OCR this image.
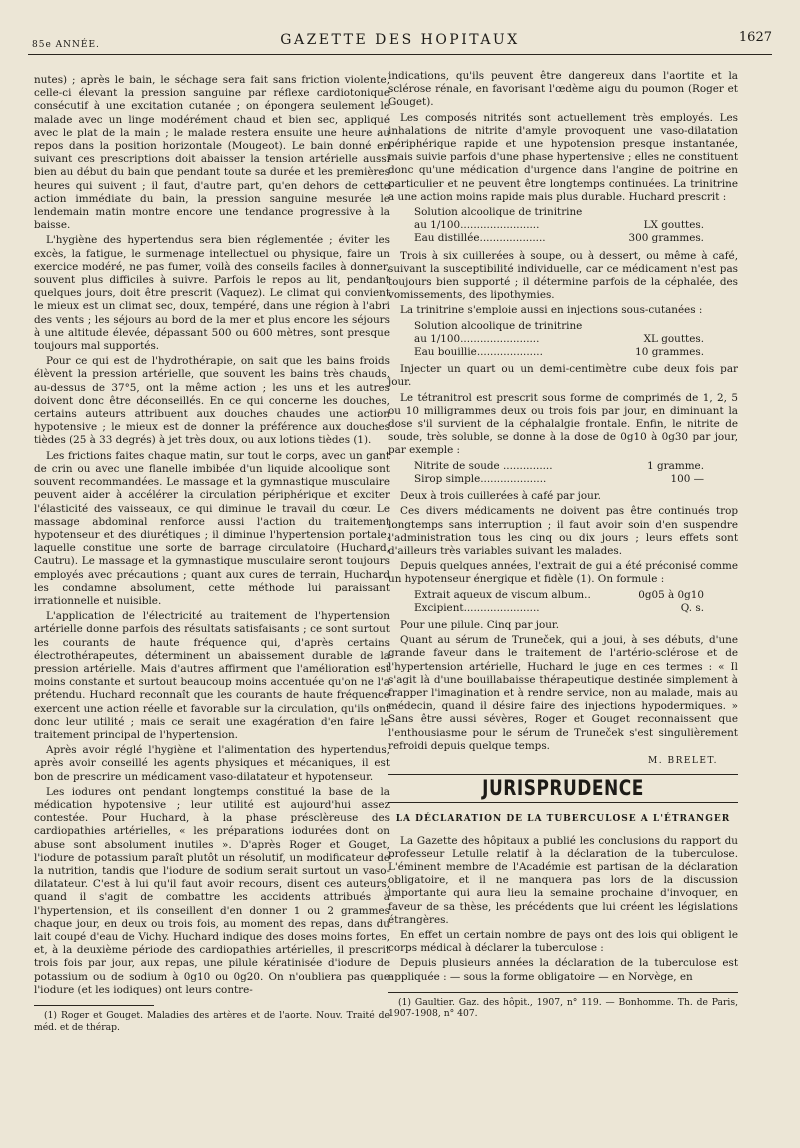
85e ANNÉE.	GAZETTE DES HOPITAUX	1627

nutes) ; après le bain, le séchage sera fait sans friction violente, celle-ci élevant la pression sanguine par réflexe cardiotonique consécutif à une excitation cutanée ; on épongera seulement le malade avec un linge modérément chaud et bien sec, appliqué avec le plat de la main ; le malade restera ensuite une heure au repos dans la position horizontale (Mougeot). Le bain donné en suivant ces prescriptions doit abaisser la tension artérielle aussi bien au début du bain que pendant toute sa durée et les premières heures qui suivent ; il faut, d'autre part, qu'en dehors de cette action immédiate du bain, la pression sanguine mesurée le lendemain matin montre encore une tendance progressive à la baisse.

L'hygiène des hypertendus sera bien réglementée ; éviter les excès, la fatigue, le surmenage intellectuel ou physique, faire un exercice modéré, ne pas fumer, voilà des conseils faciles à donner, souvent plus difficiles à suivre. Parfois le repos au lit, pendant quelques jours, doit être prescrit (Vaquez). Le climat qui convient le mieux est un climat sec, doux, tempéré, dans une région à l'abri des vents ; les séjours au bord de la mer et plus encore les séjours à une altitude élevée, dépassant 500 ou 600 mètres, sont presque toujours mal supportés.

Pour ce qui est de l'hydrothérapie, on sait que les bains froids élèvent la pression artérielle, que souvent les bains très chauds, au-dessus de 37°5, ont la même action ; les uns et les autres doivent donc être déconseillés. En ce qui concerne les douches, certains auteurs attribuent aux douches chaudes une action hypotensive ; le mieux est de donner la préférence aux douches tièdes (25 à 33 degrés) à jet très doux, ou aux lotions tièdes (1).

Les frictions faites chaque matin, sur tout le corps, avec un gant de crin ou avec une flanelle imbibée d'un liquide alcoolique sont souvent recommandées. Le massage et la gymnastique musculaire peuvent aider à accélérer la circulation périphérique et exciter l'élasticité des vaisseaux, ce qui diminue le travail du cœur. Le massage abdominal renforce aussi l'action du traitement hypotenseur et des diurétiques ; il diminue l'hypertension portale, laquelle constitue une sorte de barrage circulatoire (Huchard, Cautru). Le massage et la gymnastique musculaire seront toujours employés avec précautions ; quant aux cures de terrain, Huchard les condamne absolument, cette méthode lui paraissant irrationnelle et nuisible.

L'application de l'électricité au traitement de l'hypertension artérielle donne parfois des résultats satisfaisants ; ce sont surtout les courants de haute fréquence qui, d'après certains électrothérapeutes, déterminent un abaissement durable de la pression artérielle. Mais d'autres affirment que l'amélioration est moins constante et surtout beaucoup moins accentuée qu'on ne l'a prétendu. Huchard reconnaît que les courants de haute fréquence exercent une action réelle et favorable sur la circulation, qu'ils ont donc leur utilité ; mais ce serait une exagération d'en faire le traitement principal de l'hypertension.

Après avoir réglé l'hygiène et l'alimentation des hypertendus, après avoir conseillé les agents physiques et mécaniques, il est bon de prescrire un médicament vaso-dilatateur et hypotenseur.

Les iodures ont pendant longtemps constitué la base de la médication hypotensive ; leur utilité est aujourd'hui assez contestée. Pour Huchard, à la phase présclèreuse des cardiopathies artérielles, « les préparations iodurées dont on abuse sont absolument inutiles ». D'après Roger et Gouget, l'iodure de potassium paraît plutôt un résolutif, un modificateur de la nutrition, tandis que l'iodure de sodium serait surtout un vaso-dilatateur. C'est à lui qu'il faut avoir recours, disent ces auteurs, quand il s'agit de combattre les accidents attribués à l'hypertension, et ils conseillent d'en donner 1 ou 2 grammes chaque jour, en deux ou trois fois, au moment des repas, dans du lait coupé d'eau de Vichy. Huchard indique des doses moins fortes, et, à la deuxième période des cardiopathies artérielles, il prescrit trois fois par jour, aux repas, une pilule kératinisée d'iodure de potassium ou de sodium à 0g10 ou 0g20. On n'oubliera pas que l'iodure (et les iodiques) ont leurs contre-

(1) Roger et Gouget. Maladies des artères et de l'aorte. Nouv. Traité de méd. et de thérap.

indications, qu'ils peuvent être dangereux dans l'aortite et la sclérose rénale, en favorisant l'œdème aigu du poumon (Roger et Gouget).

Les composés nitrités sont actuellement très employés. Les inhalations de nitrite d'amyle provoquent une vaso-dilatation périphérique rapide et une hypotension presque instantanée, mais suivie parfois d'une phase hypertensive ; elles ne constituent donc qu'une médication d'urgence dans l'angine de poitrine en particulier et ne peuvent être longtemps continuées. La trinitrine a une action moins rapide mais plus durable. Huchard prescrit :

Solution alcoolique de trinitrine
au 1/100........................	LX gouttes.
Eau distillée....................	300 grammes.

Trois à six cuillerées à soupe, ou à dessert, ou même à café, suivant la susceptibilité individuelle, car ce médicament n'est pas toujours bien supporté ; il détermine parfois de la céphalée, des vomissements, des lipothymies.

La trinitrine s'emploie aussi en injections sous-cutanées :

Solution alcoolique de trinitrine
au 1/100........................	XL gouttes.
Eau bouillie....................	10 grammes.

Injecter un quart ou un demi-centimètre cube deux fois par jour.

Le tétranitrol est prescrit sous forme de comprimés de 1, 2, 5 ou 10 milligrammes deux ou trois fois par jour, en diminuant la dose s'il survient de la céphalalgie frontale. Enfin, le nitrite de soude, très soluble, se donne à la dose de 0g10 à 0g30 par jour, par exemple :

Nitrite de soude ...............	1 gramme.
Sirop simple....................	100 —

Deux à trois cuillerées à café par jour.

Ces divers médicaments ne doivent pas être continués trop longtemps sans interruption ; il faut avoir soin d'en suspendre l'administration tous les cinq ou dix jours ; leurs effets sont d'ailleurs très variables suivant les malades.

Depuis quelques années, l'extrait de gui a été préconisé comme un hypotenseur énergique et fidèle (1). On formule :

Extrait aqueux de viscum album..	0g05 à 0g10
Excipient.......................	Q. s.

Pour une pilule. Cinq par jour.

Quant au sérum de Truneček, qui a joui, à ses débuts, d'une grande faveur dans le traitement de l'artério-sclérose et de l'hypertension artérielle, Huchard le juge en ces termes : « Il s'agit là d'une bouillabaisse thérapeutique destinée simplement à frapper l'imagination et à rendre service, non au malade, mais au médecin, quand il désire faire des injections hypodermiques. » Sans être aussi sévères, Roger et Gouget reconnaissent que l'enthousiasme pour le sérum de Truneček s'est singulièrement refroidi depuis quelque temps.

M. BRELET.
JURISPRUDENCE
LA DÉCLARATION DE LA TUBERCULOSE A L'ÉTRANGER

La Gazette des hôpitaux a publié les conclusions du rapport du professeur Letulle relatif à la déclaration de la tuberculose. L'éminent membre de l'Académie est partisan de la déclaration obligatoire, et il ne manquera pas lors de la discussion importante qui aura lieu la semaine prochaine d'invoquer, en faveur de sa thèse, les précédents que lui créent les législations étrangères.

En effet un certain nombre de pays ont des lois qui obligent le corps médical à déclarer la tuberculose :

Depuis plusieurs années la déclaration de la tuberculose est appliquée : — sous la forme obligatoire — en Norvège, en

(1) Gaultier. Gaz. des hôpit., 1907, n° 119. — Bonhomme. Th. de Paris, 1907-1908, n° 407.
